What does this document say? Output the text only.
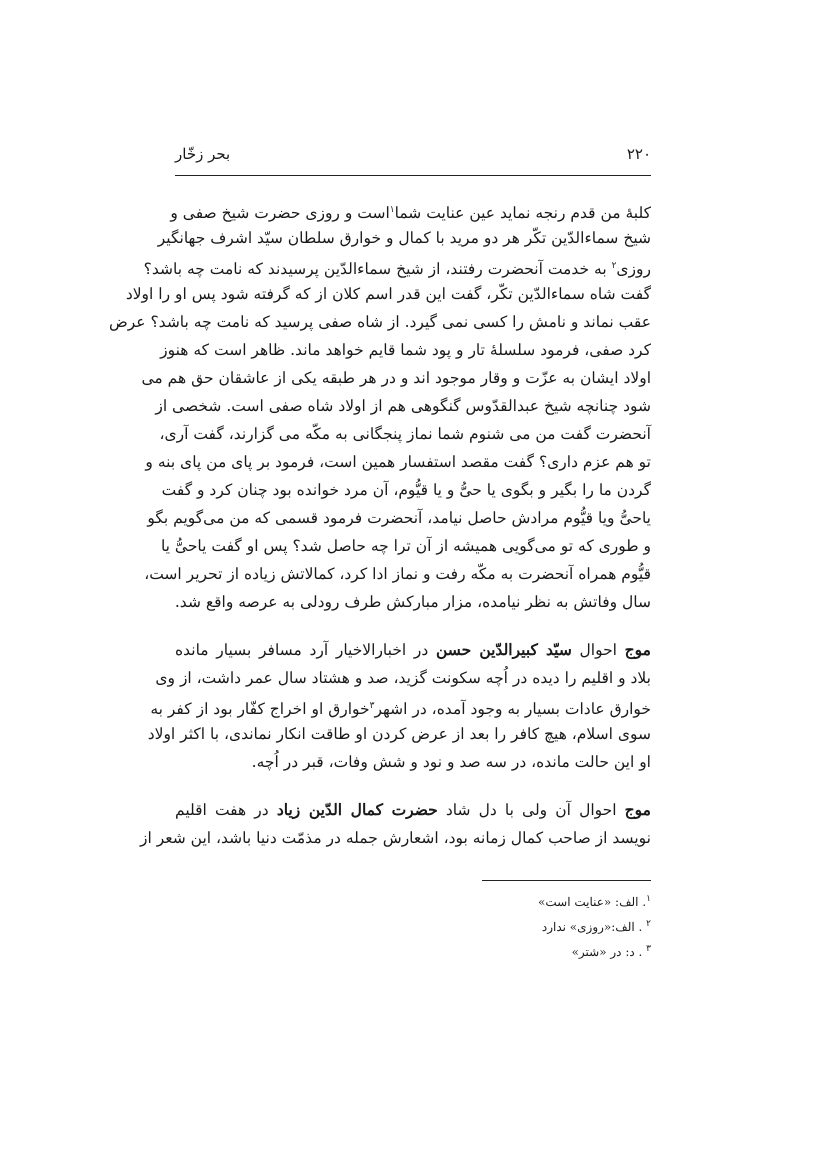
۲۲۰
بحر زخّار
کلبۀ من قدم رنجه نماید عین عنایت شما$^۱$است و روزی حضرت شیخ صفی و
شیخ سماءالدّین تکّر هر دو مرید با کمال و خوارق سلطان سیّد اشرف جهانگیر
روزی$^۲$ به خدمت آنحضرت رفتند، از شیخ سماءالدّین پرسیدند که نامت چه باشد؟
گفت شاه سماءالدّین تکّر، گفت این قدر اسم کلان از که گرفته شود پس او را اولاد
عقب نماند و نامش را کسی نمی گیرد. از شاه صفی پرسید که نامت چه باشد؟ عرض
کرد صفی، فرمود سلسلۀ تار و پود شما قایم خواهد ماند. ظاهر است که هنوز
اولاد ایشان به عزّت و وقار موجود اند و در هر طبقه یکی از عاشقان حق هم می
شود چنانچه شیخ عبدالقدّوس گنگوهی هم از اولاد شاه صفی است. شخصی از
آنحضرت گفت من می شنوم شما نماز پنجگانی به مکّه می گزارند، گفت آری،
تو هم عزم داری؟ گفت مقصد استفسار همین است، فرمود بر پای من پای بنه و
گردن ما را بگیر و بگوی یا حیُّ و یا قیُّوم، آن مرد خوانده بود چنان کرد و گفت
یاحیُّ ویا قیُّوم مرادش حاصل نیامد، آنحضرت فرمود قسمی که من می‌گویم بگو
و طوری که تو می‌گویی همیشه از آن ترا چه حاصل شد؟ پس او گفت یاحیُّ یا
قیُّوم همراه آنحضرت به مکّه رفت و نماز ادا کرد، کمالاتش زیاده از تحریر است،
سال وفاتش به نظر نیامده، مزار مبارکش طرف رودلی به عرصه واقع شد.
موج احوال سیّد کبیرالدّین حسن در اخبارالاخیار آرد مسافر بسیار مانده
بلاد و اقلیم را دیده در اُچه سکونت گزید، صد و هشتاد سال عمر داشت، از وی
خوارق عادات بسیار به وجود آمده، در اشهر$^۳$خوارق او اخراج کفّار بود از کفر به
سوی اسلام، هیچ کافر را بعد از عرض کردن او طاقت انکار نماندی، با اکثر اولاد
او این حالت مانده، در سه صد و نود و شش وفات، قبر در اُچه.
موج احوال آن ولی با دل شاد حضرت کمال الدّین زیاد در هفت اقلیم
نویسد از صاحب کمال زمانه بود، اشعارش جمله در مذمّت دنیا باشد، این شعر از
$^۱$. الف: «عنایت است»
$^۲$ . الف:«روزی» ندارد
$^۳$ . د: در «شتر»
